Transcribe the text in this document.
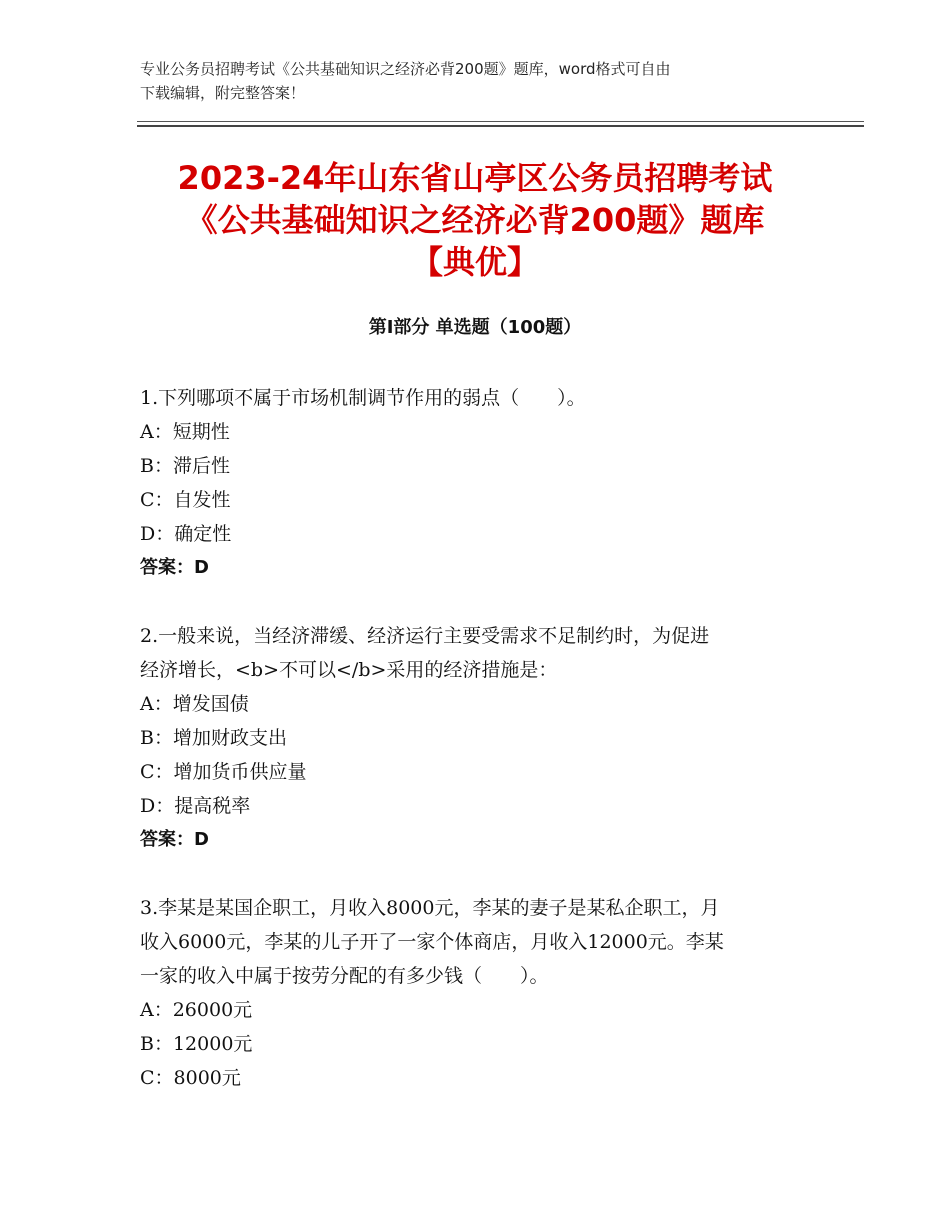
专业公务员招聘考试《公共基础知识之经济必背200题》题库，word格式可自由
下载编辑，附完整答案！
2023-24年山东省山亭区公务员招聘考试
《公共基础知识之经济必背200题》题库
【典优】
第Ⅰ部分 单选题（100题）
1.下列哪项不属于市场机制调节作用的弱点（　　）。
A：短期性
B：滞后性
C：自发性
D：确定性
答案：D
2.一般来说，当经济滞缓、经济运行主要受需求不足制约时，为促进
经济增长，<b>不可以</b>采用的经济措施是：
A：增发国债
B：增加财政支出
C：增加货币供应量
D：提高税率
答案：D
3.李某是某国企职工，月收入8000元，李某的妻子是某私企职工，月
收入6000元，李某的儿子开了一家个体商店，月收入12000元。李某
一家的收入中属于按劳分配的有多少钱（　　）。
A：26000元
B：12000元
C：8000元
